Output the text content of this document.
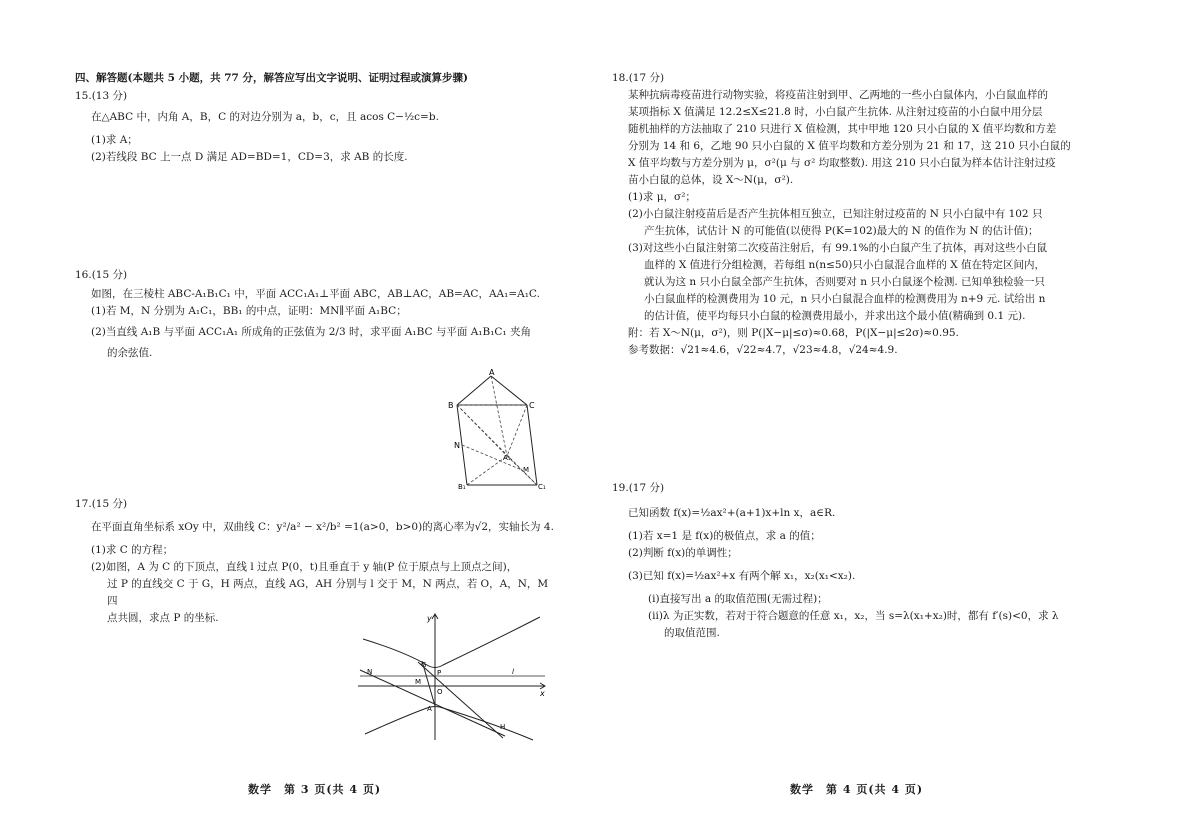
四、解答题(本题共 5 小题，共 77 分，解答应写出文字说明、证明过程或演算步骤)
15.(13 分)
在△ABC 中，内角 A，B，C 的对边分别为 a，b，c，且 acos C−½c=b.
(1)求 A；
(2)若线段 BC 上一点 D 满足 AD=BD=1，CD=3，求 AB 的长度.
16.(15 分)
如图，在三棱柱 ABC-A₁B₁C₁ 中，平面 ACC₁A₁⊥平面 ABC，AB⊥AC，AB=AC，AA₁=A₁C.
(1)若 M，N 分别为 A₁C₁，BB₁ 的中点，证明：MN∥平面 A₁BC；
(2)当直线 A₁B 与平面 ACC₁A₁ 所成角的正弦值为 2/3 时，求平面 A₁BC 与平面 A₁B₁C₁ 夹角
的余弦值.
A
B	C
N
A₁
M
B₁	C₁
17.(15 分)
在平面直角坐标系 xOy 中，双曲线 C：y²/a² − x²/b² =1(a>0，b>0)的离心率为√2，实轴长为 4.
(1)求 C 的方程；
(2)如图，A 为 C 的下顶点，直线 l 过点 P(0，t)且垂直于 y 轴(P 位于原点与上顶点之间)，
过 P 的直线交 C 于 G，H 两点，直线 AG，AH 分别与 l 交于 M，N 两点，若 O，A，N，M 四
点共圆，求点 P 的坐标.	y
x
O
G
P
M
N	l
A
H
数学　第 3 页(共 4 页)
18.(17 分)
某种抗病毒疫苗进行动物实验，将疫苗注射到甲、乙两地的一些小白鼠体内，小白鼠血样的
某项指标 X 值满足 12.2≤X≤21.8 时，小白鼠产生抗体. 从注射过疫苗的小白鼠中用分层
随机抽样的方法抽取了 210 只进行 X 值检测，其中甲地 120 只小白鼠的 X 值平均数和方差
分别为 14 和 6，乙地 90 只小白鼠的 X 值平均数和方差分别为 21 和 17，这 210 只小白鼠的
X 值平均数与方差分别为 μ，σ²(μ 与 σ² 均取整数). 用这 210 只小白鼠为样本估计注射过疫
苗小白鼠的总体，设 X～N(μ，σ²).
(1)求 μ，σ²；
(2)小白鼠注射疫苗后是否产生抗体相互独立，已知注射过疫苗的 N 只小白鼠中有 102 只
产生抗体，试估计 N 的可能值(以使得 P(K=102)最大的 N 的值作为 N 的估计值)；
(3)对这些小白鼠注射第二次疫苗注射后，有 99.1%的小白鼠产生了抗体，再对这些小白鼠
血样的 X 值进行分组检测，若每组 n(n≤50)只小白鼠混合血样的 X 值在特定区间内，
就认为这 n 只小白鼠全部产生抗体，否则要对 n 只小白鼠逐个检测. 已知单独检验一只
小白鼠血样的检测费用为 10 元，n 只小白鼠混合血样的检测费用为 n+9 元. 试给出 n
的估计值，使平均每只小白鼠的检测费用最小，并求出这个最小值(精确到 0.1 元).
附：若 X～N(μ，σ²)，则 P(|X−μ|≤σ)≈0.68，P(|X−μ|≤2σ)≈0.95.
参考数据：√21≈4.6，√22≈4.7，√23≈4.8，√24≈4.9.
19.(17 分)
已知函数 f(x)=½ax²+(a+1)x+ln x，a∈R.
(1)若 x=1 是 f(x)的极值点，求 a 的值；
(2)判断 f(x)的单调性；
(3)已知 f(x)=½ax²+x 有两个解 x₁，x₂(x₁<x₂).
(i)直接写出 a 的取值范围(无需过程)；
(ii)λ 为正实数，若对于符合题意的任意 x₁，x₂，当 s=λ(x₁+x₂)时，都有 f′(s)<0，求 λ
的取值范围.
数学　第 4 页(共 4 页)
